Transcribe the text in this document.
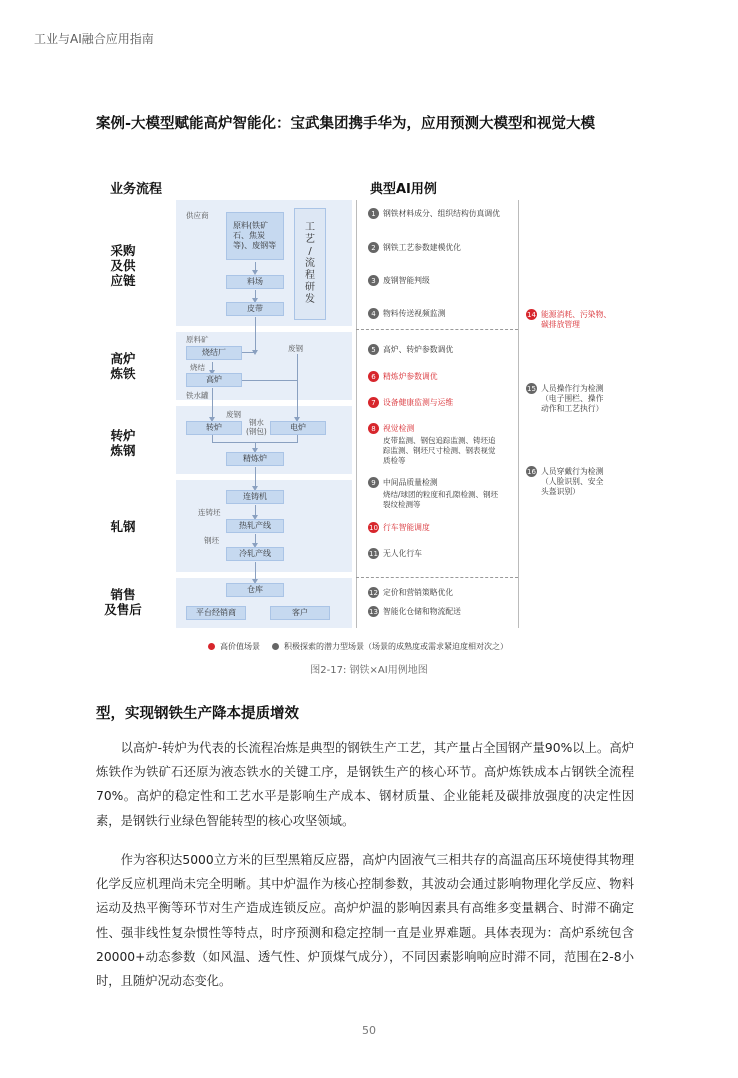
工业与AI融合应用指南
案例-大模型赋能高炉智能化：宝武集团携手华为，应用预测大模型和视觉大模
业务流程	典型AI用例
采购
及供
应链
高炉
炼铁
转炉
炼钢
轧钢
销售
及售后
供应商
原料(铁矿
石、焦炭
等)、废钢等
工
艺
/
流
程
研
发
料场
皮带
原料矿
烧结厂
烧结
高炉
铁水罐
废钢
废钢
转炉
钢水
(钢包)	电炉
精炼炉
连铸机
连铸坯
热轧产线
钢坯
冷轧产线
仓库
平台经销商	客户
1 钢铁材料成分、组织结构仿真调优
2 钢铁工艺参数建模优化
3 废钢智能判级
4 物料传送视频监测
5 高炉、转炉参数调优
6 精炼炉参数调优
7 设备健康监测与运维
8 视觉检测
皮带监测、钢包追踪监测、铸坯追
踪监测、钢坯尺寸检测、钢表视觉
质检等
9 中间品质量检测
烧结/球团的粒度和孔隙检测、钢坯
裂纹检测等
10 行车智能调度
11 无人化行车
12 定价和营销策略优化
13 智能化仓储和物流配送
14 能源消耗、污染物、
碳排放管理
15 人员操作行为检测
（电子围栏、操作
动作和工艺执行）
16 人员穿戴行为检测
（人脸识别、安全
头盔识别）
高价值场景	积极探索的潜力型场景（场景的成熟度或需求紧迫度相对次之）
图2-17: 钢铁×AI用例地图
型，实现钢铁生产降本提质增效
以高炉-转炉为代表的长流程冶炼是典型的钢铁生产工艺，其产量占全国钢产量90%以上。高炉炼铁作为铁矿石还原为液态铁水的关键工序，是钢铁生产的核心环节。高炉炼铁成本占钢铁全流程70%。高炉的稳定性和工艺水平是影响生产成本、钢材质量、企业能耗及碳排放强度的决定性因素，是钢铁行业绿色智能转型的核心攻坚领域。
作为容积达5000立方米的巨型黑箱反应器，高炉内固液气三相共存的高温高压环境使得其物理化学反应机理尚未完全明晰。其中炉温作为核心控制参数，其波动会通过影响物理化学反应、物料运动及热平衡等环节对生产造成连锁反应。高炉炉温的影响因素具有高维多变量耦合、时滞不确定性、强非线性复杂惯性等特点，时序预测和稳定控制一直是业界难题。具体表现为：高炉系统包含20000+动态参数（如风温、透气性、炉顶煤气成分），不同因素影响响应时滞不同，范围在2-8小时，且随炉况动态变化。
50
